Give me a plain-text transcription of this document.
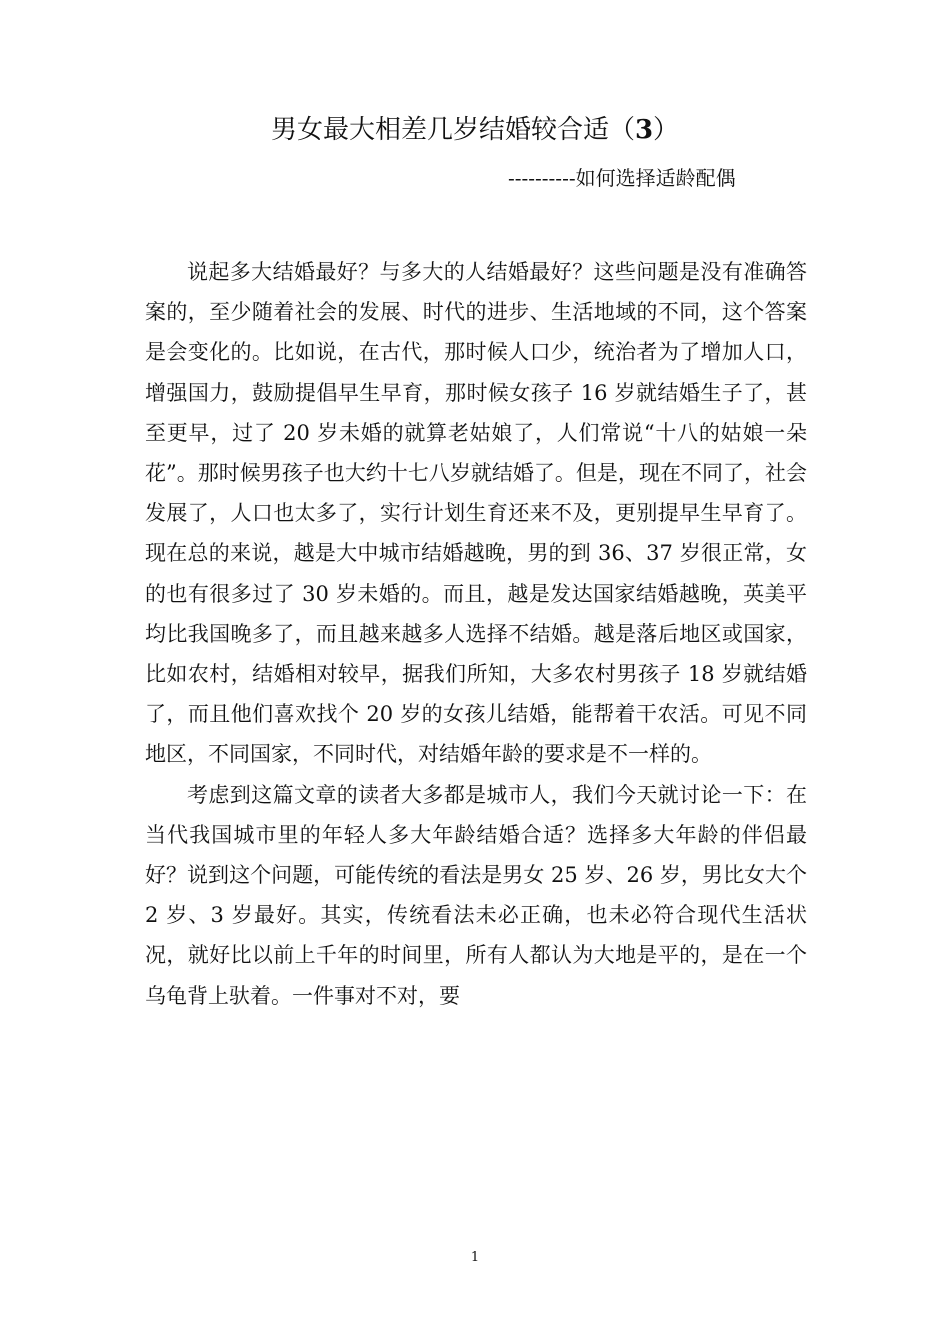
男女最大相差几岁结婚较合适（3）
----------如何选择适龄配偶

说起多大结婚最好？与多大的人结婚最好？这些问题是没有准确答案的，至少随着社会的发展、时代的进步、生活地域的不同，这个答案是会变化的。比如说，在古代，那时候人口少，统治者为了增加人口，增强国力，鼓励提倡早生早育，那时候女孩子 16 岁就结婚生子了，甚至更早，过了 20 岁未婚的就算老姑娘了，人们常说“十八的姑娘一朵花”。那时候男孩子也大约十七八岁就结婚了。但是，现在不同了，社会发展了，人口也太多了，实行计划生育还来不及，更别提早生早育了。现在总的来说，越是大中城市结婚越晚，男的到 36、37 岁很正常，女的也有很多过了 30 岁未婚的。而且，越是发达国家结婚越晚，英美平均比我国晚多了，而且越来越多人选择不结婚。越是落后地区或国家，比如农村，结婚相对较早，据我们所知，大多农村男孩子 18 岁就结婚了，而且他们喜欢找个 20 岁的女孩儿结婚，能帮着干农活。可见不同地区，不同国家，不同时代，对结婚年龄的要求是不一样的。

考虑到这篇文章的读者大多都是城市人，我们今天就讨论一下：在当代我国城市里的年轻人多大年龄结婚合适？选择多大年龄的伴侣最好？说到这个问题，可能传统的看法是男女 25 岁、26 岁，男比女大个 2 岁、3 岁最好。其实，传统看法未必正确，也未必符合现代生活状况，就好比以前上千年的时间里，所有人都认为大地是平的，是在一个乌龟背上驮着。一件事对不对，要

1
